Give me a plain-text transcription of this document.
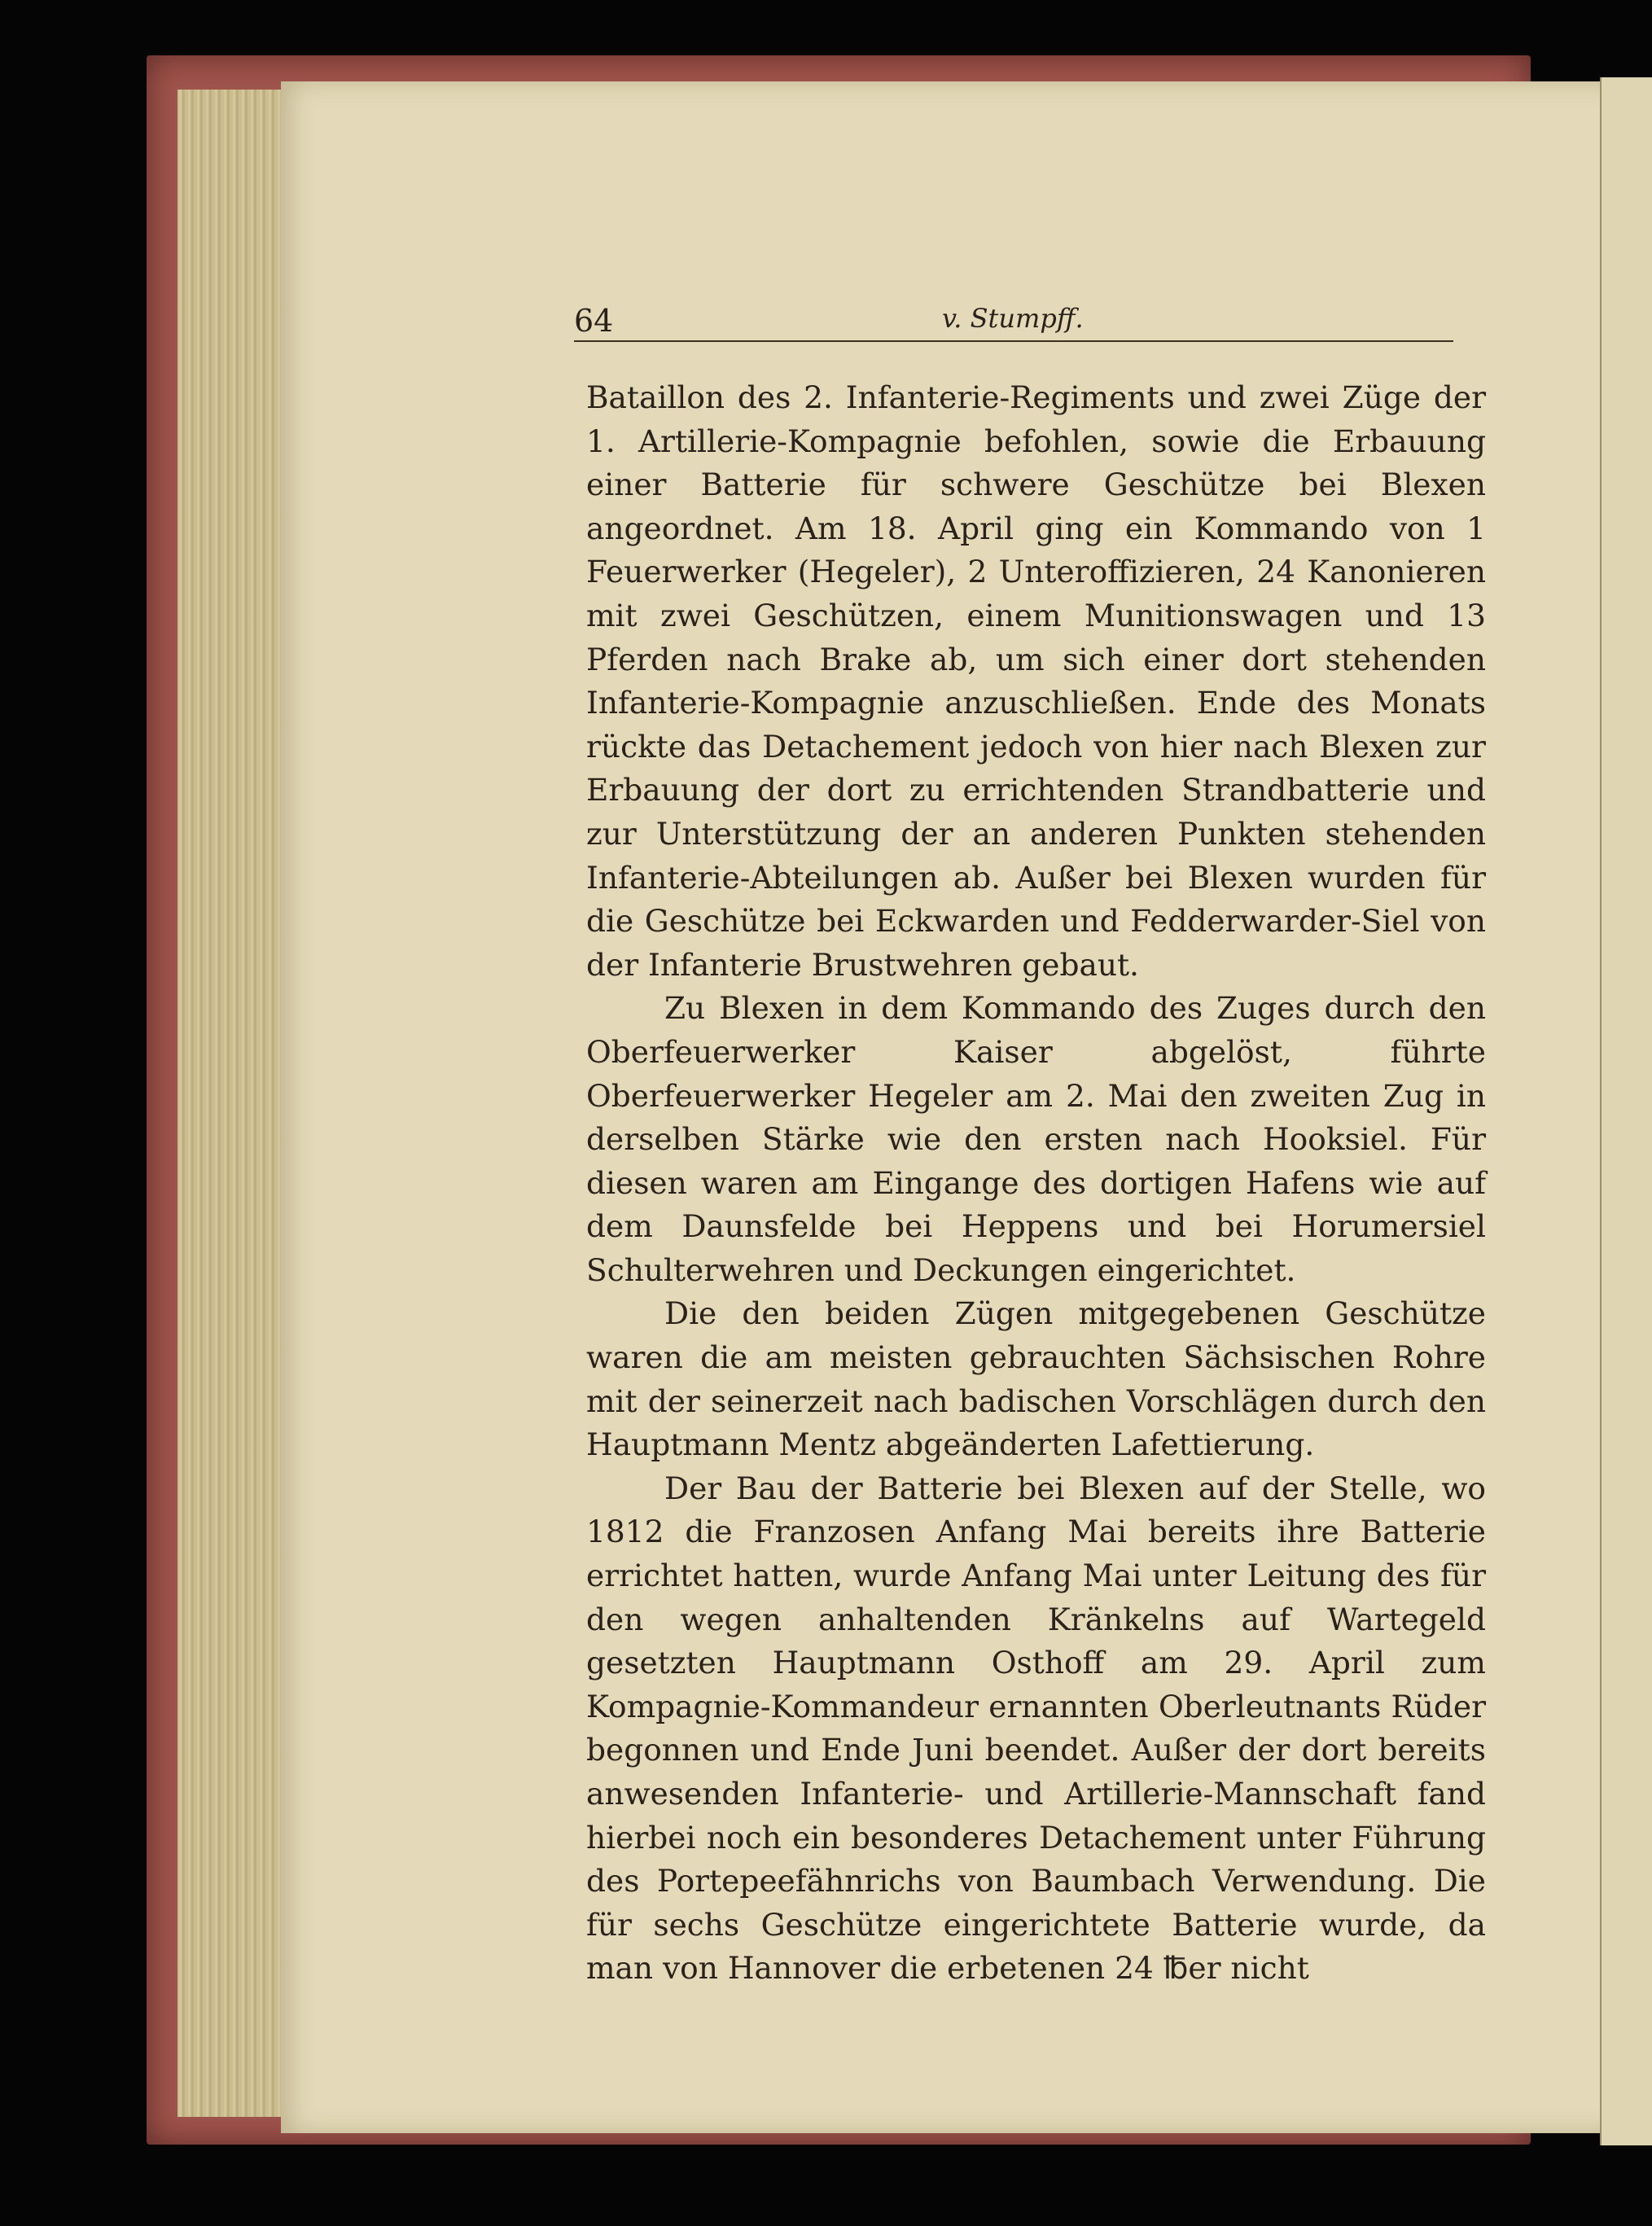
64	v. Stumpff.

Bataillon des 2. Infanterie-Regiments und zwei Züge der 1. Artillerie-Kompagnie befohlen, sowie die Erbauung einer Batterie für schwere Geschütze bei Blexen angeordnet. Am 18. April ging ein Kommando von 1 Feuerwerker (Hegeler), 2 Unteroffizieren, 24 Kanonieren mit zwei Geschützen, einem Munitionswagen und 13 Pferden nach Brake ab, um sich einer dort stehenden Infanterie-Kompagnie anzuschließen. Ende des Monats rückte das Detachement jedoch von hier nach Blexen zur Erbauung der dort zu errichtenden Strandbatterie und zur Unterstützung der an anderen Punkten stehenden Infanterie-Abteilungen ab. Außer bei Blexen wurden für die Geschütze bei Eckwarden und Fedderwarder-Siel von der Infanterie Brustwehren gebaut.

Zu Blexen in dem Kommando des Zuges durch den Oberfeuerwerker Kaiser abgelöst, führte Oberfeuerwerker Hegeler am 2. Mai den zweiten Zug in derselben Stärke wie den ersten nach Hooksiel. Für diesen waren am Eingange des dortigen Hafens wie auf dem Daunsfelde bei Heppens und bei Horumersiel Schulterwehren und Deckungen eingerichtet.

Die den beiden Zügen mitgegebenen Geschütze waren die am meisten gebrauchten Sächsischen Rohre mit der seinerzeit nach badischen Vorschlägen durch den Hauptmann Mentz abgeänderten Lafettierung.

Der Bau der Batterie bei Blexen auf der Stelle, wo 1812 die Franzosen Anfang Mai bereits ihre Batterie errichtet hatten, wurde Anfang Mai unter Leitung des für den wegen anhaltenden Kränkelns auf Wartegeld gesetzten Hauptmann Osthoff am 29. April zum Kompagnie-Kommandeur ernannten Oberleutnants Rüder begonnen und Ende Juni beendet. Außer der dort bereits anwesenden Infanterie- und Artillerie-Mannschaft fand hierbei noch ein besonderes Detachement unter Führung des Portepeefähnrichs von Baumbach Verwendung. Die für sechs Geschütze eingerichtete Batterie wurde, da man von Hannover die erbetenen 24 ℔er nicht
